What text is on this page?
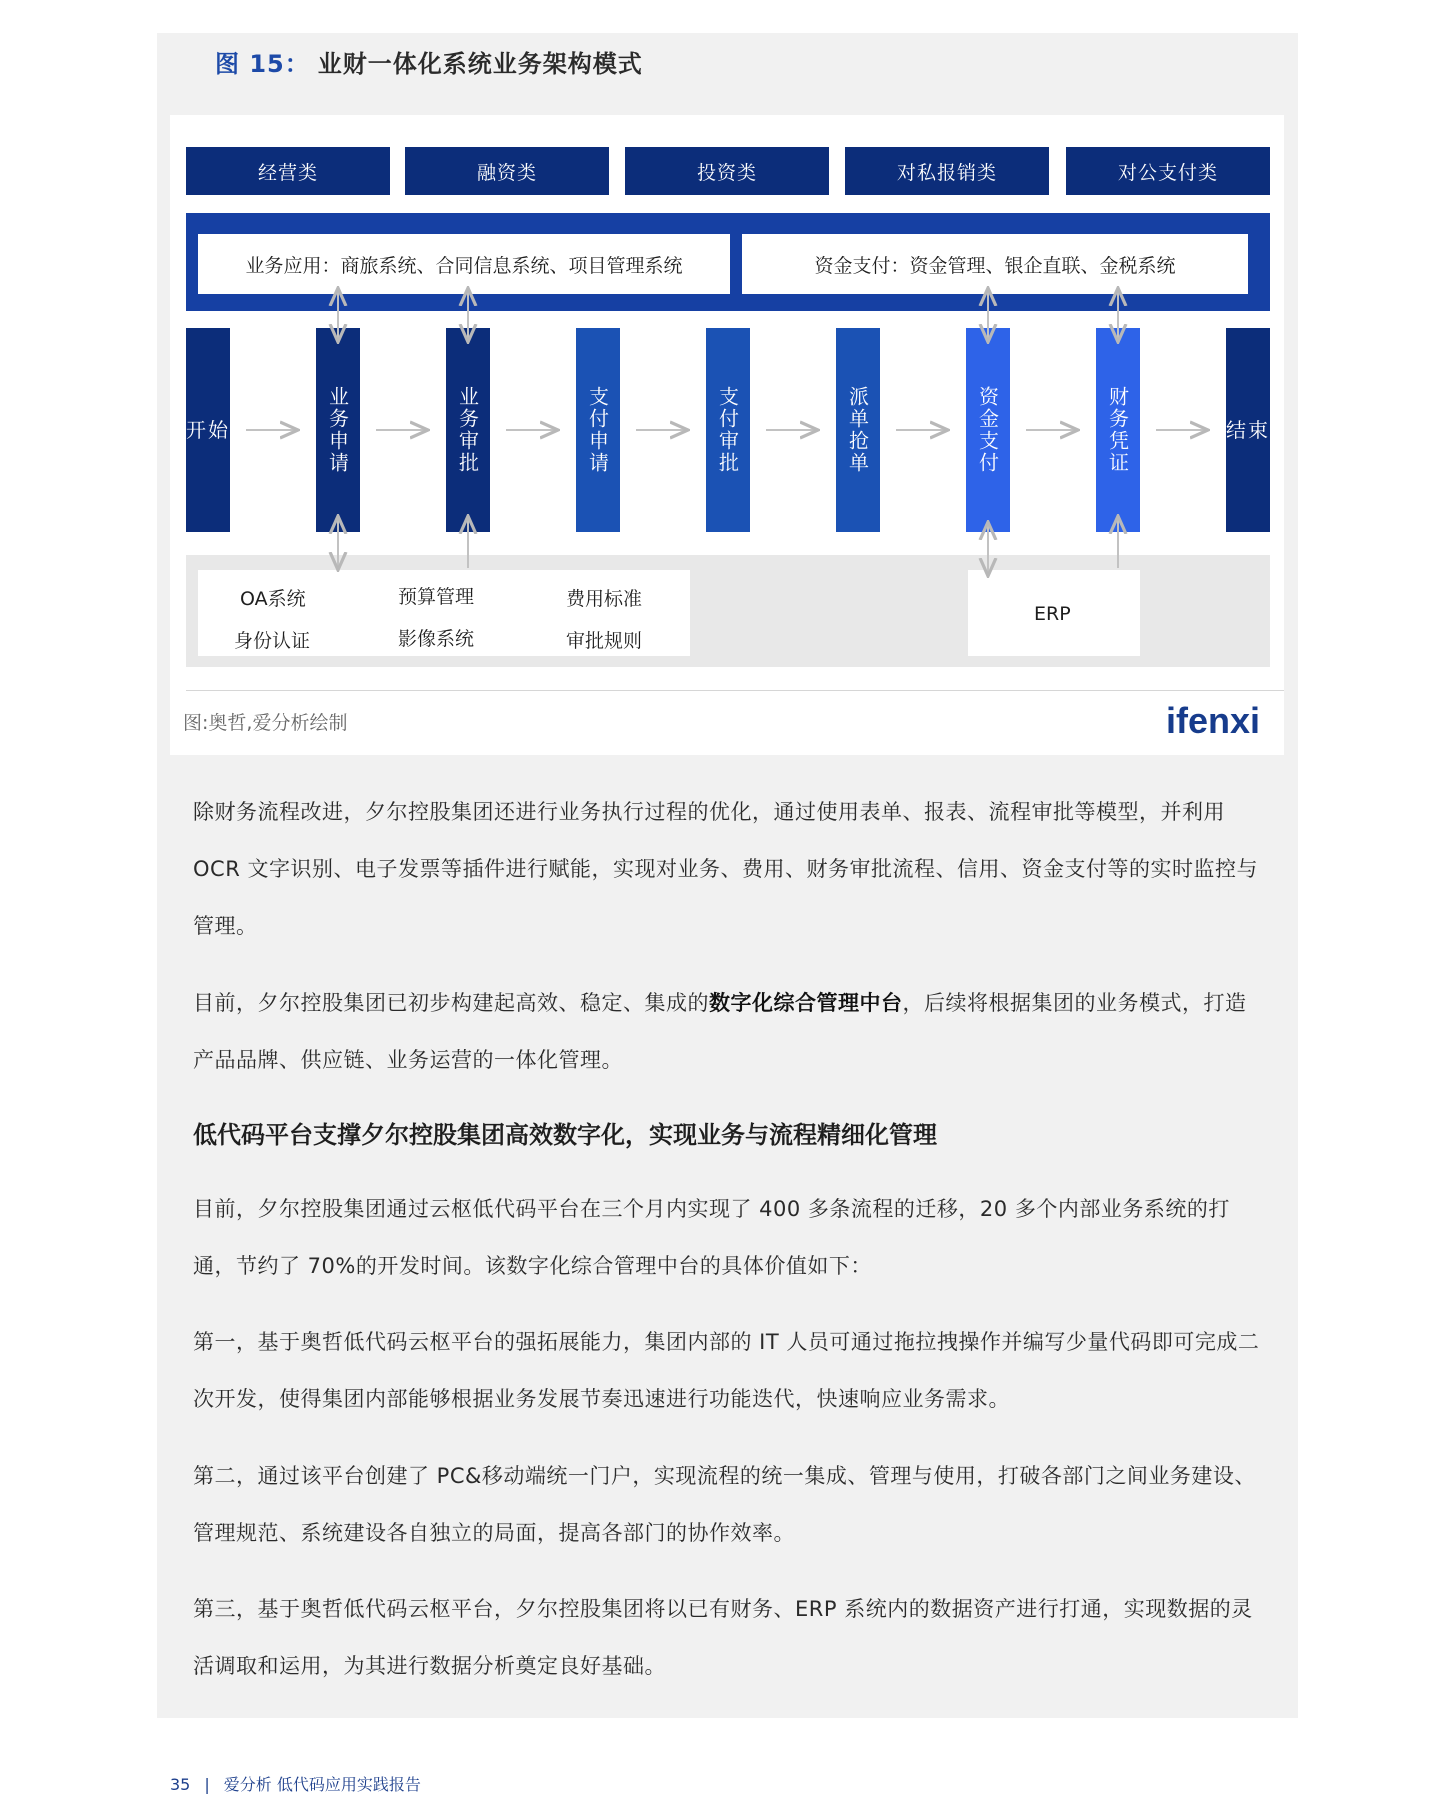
图 15： 业财一体化系统业务架构模式
经营类	融资类	投资类	对私报销类	对公支付类
业务应用：商旅系统、合同信息系统、项目管理系统	资金支付：资金管理、银企直联、金税系统
OA系统
身份认证
预算管理
影像系统
费用标准
审批规则
ERP
开始	业务申请	业务审批	支付申请	支付审批	派单抢单	资金支付	财务凭证	结束
图:奥哲,爱分析绘制	ifenxi
除财务流程改进，夕尔控股集团还进行业务执行过程的优化，通过使用表单、报表、流程审批等模型，并利用 OCR 文字识别、电子发票等插件进行赋能，实现对业务、费用、财务审批流程、信用、资金支付等的实时监控与管理。
目前，夕尔控股集团已初步构建起高效、稳定、集成的数字化综合管理中台，后续将根据集团的业务模式，打造产品品牌、供应链、业务运营的一体化管理。
低代码平台支撑夕尔控股集团高效数字化，实现业务与流程精细化管理
目前，夕尔控股集团通过云枢低代码平台在三个月内实现了 400 多条流程的迁移，20 多个内部业务系统的打通，节约了 70%的开发时间。该数字化综合管理中台的具体价值如下：
第一，基于奥哲低代码云枢平台的强拓展能力，集团内部的 IT 人员可通过拖拉拽操作并编写少量代码即可完成二次开发，使得集团内部能够根据业务发展节奏迅速进行功能迭代，快速响应业务需求。
第二，通过该平台创建了 PC&移动端统一门户，实现流程的统一集成、管理与使用，打破各部门之间业务建设、管理规范、系统建设各自独立的局面，提高各部门的协作效率。
第三，基于奥哲低代码云枢平台，夕尔控股集团将以已有财务、ERP 系统内的数据资产进行打通，实现数据的灵活调取和运用，为其进行数据分析奠定良好基础。
35 | 爱分析 低代码应用实践报告
